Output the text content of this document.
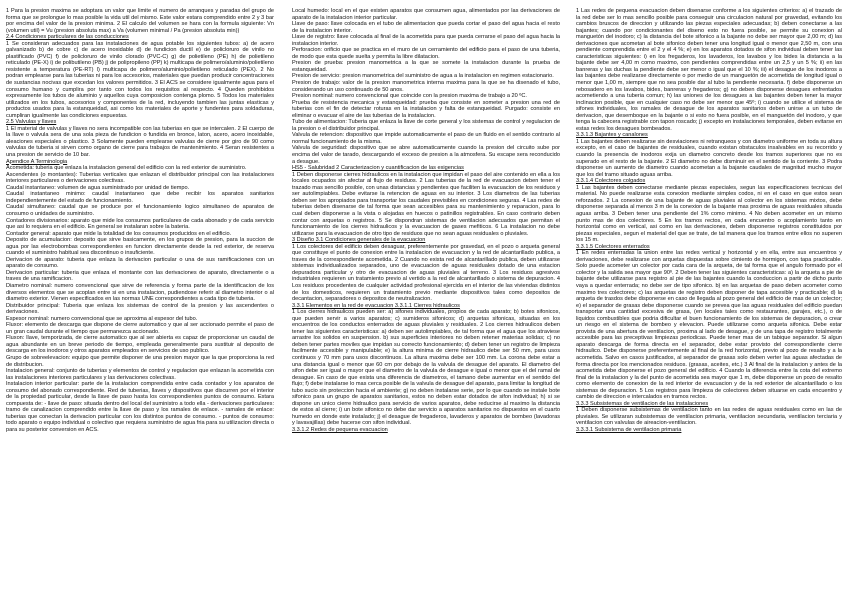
1 Para la presion maxima se adoptara un valor que limite el numero de arranques y paradas del grupo de forma que se prolongue lo mas posible la vida util del mismo. Este valor estara comprendido entre 2 y 3 bar por encima del valor de la presion minima. 2 El calculo del volumen se hara con la formula siguiente: Vn (volumen util) = Vu (presion absoluta max) a Va (volumen minimal / Pa (presion absoluta min))

2.4 Condiciones particulares de las conducciones

1 Se consideran adecuados para las instalaciones de agua potable los siguientes tubos: a) de acero galvanizado b) de cobre c) de acero inoxidable d) de fundicion ductil e) de policloruro de vinilo no plastificado (PVC) f) de policloruro de vinilo clorado (PVC-C) g) de polietileno (PE) h) de polietileno reticulado (PE-X) i) de polibutileno (PB) j) de polipropileno (PP) k) multicapa de polimero/aluminio/polietileno resistente a temperatura (PE-RT) l) multicapa de polimero/aluminio/polietileno reticulado (PEX). 2 No podran emplearse para las tuberias ni para los accesorios, materiales que puedan producir concentraciones de sustancias nocivas que excedan los valores permitidos. 3 El ACS se considere igualmente agua para el consumo humano y cumplira por tanto con todos los requisitos al respecto. 4 Queden prohibidos expresamente los tubos de aluminio y aquellos cuya composicion contenga plomo. 5 Todos los materiales utilizados en los tubos, accesorios y componentes de la red, incluyendo tambien las juntas elasticas y productos usados para la estanqueidad, asi como los materiales de aporte y fundentes para soldaduras, cumpliran igualmente las condiciones expuestas.

2.5 Valvulas y llaves

1 El material de valvulas y llaves no sera incompatible con las tuberias en que se intercalen. 2 El cuerpo de la llave o valvula sera de una sola pieza de fundicion o fundida en bronce, laton, acero, acero inoxidable, aleaciones especiales o plastico. 3 Solamente pueden emplearse valvulas de cierre por giro de 90 como valvulas de tuberia si sirven como organo de cierre para trabajos de mantenimiento. 4 Seran resistentes a una presion de servicio de 10 bar.

Apendice A Terminologia

Acometida: tuberia que enlaza la instalacion general del edificio con la red exterior de suministro.

Ascendentes (o montantes): Tuberias verticales que enlazan el distribuidor principal con las instalaciones interiores particulares o derivaciones colectivas.

Caudal instantaneo: volumen de agua suministrado por unidad de tiempo.

Caudal instantaneo minimo: caudal instantaneo que debe recibir los aparatos sanitarios independientemente del estado de funcionamiento.

Caudal simultaneo: caudal que se produce por el funcionamiento logico simultaneo de aparatos de consumo o unidades de suministro.

Contadores divisionarios: aparato que mide los consumos particulares de cada abonado y de cada servicio que asi lo requiera en el edificio. En general se instalaran sobre la bateria.

Contador general: aparato que mide la totalidad de los consumos producidos en el edificio.

Deposito de acumulacion: deposito que sirve basicamente, en los grupos de presion, para la succion de agua por las electrobombas correspondientes en funcion directamente desde la red exterior, de reserva cuando el suministro habitual sea discontinuo o insuficiente.

Derivacion de aparato: tuberia que enlaza la derivacion particular o una de sus ramificaciones con un aparato de consumo.

Derivacion particular: tuberia que enlaza el montante con las derivaciones de aparato, directamente o a traves de una ramificacion.

Diametro nominal: numero convencional que sirve de referencia y forma parte de la identificacion de los diversos elementos que se acoplan entre si en una instalacion, pudiendose referir al diametro interior o al diametro exterior. Vienen especificados en las normas UNE correspondientes a cada tipo de tuberia.

Distribuidor principal: Tuberia que enlaza los sistemas de control de la presion y las ascendentes o derivaciones.

Espesor nominal: numero convencional que se aproxima al espesor del tubo.

Fluxor: elemento de descarga que dispone de cierre automatico y que al ser accionado permite el paso de un gran caudal durante el tiempo que permanezca accionado.

Fluxon: llave, temporizada, de cierre automatico que al ser abierta es capaz de proporcionar un caudal de agua abundante en un breve periodo de tiempo, empleada generalmente para sustituir al deposito de descarga en los inodoros y otros aparatos empleados en servicios de uso publico.

Grupo de sobreelevacion: equipo que permite disponer de una presion mayor que la que proporciona la red de distribucion.

Instalacion general: conjunto de tuberias y elementos de control y regulacion que enlazan la acometida con las instalaciones interiores particulares y las derivaciones colectivas.

Instalacion interior particular: parte de la instalacion comprendida entre cada contador y los aparatos de consumo del abonado correspondiente. Red de tuberias, llaves y dispositivos que discurren por el interior de la propiedad particular, desde la llave de paso hasta los correspondientes puntos de consumo. Estara compuesta de: - llave de paso: situada dentro del local del suministro a todo ella - derivaciones particulares: tramo de canalizacion comprendido entre la llave de paso y los ramales de enlace. - ramales de enlace: tuberias que conectan la derivacion particular con los distintos puntos de consumo. - puntos de consumo: todo aparato o equipo individual o colectivo que requiera suministro de agua fria para su utilizacion directa o para su posterior conversion en ACS.

Local humedo: local en el que existen aparatos que consumen agua, alimentados por las derivaciones de aparato de la instalacion interior particular.

Llave de paso: llave colocada en el tubo de alimentacion que pueda cortar el paso del agua hacia el resto de la instalacion interior.

Llave de registro: llave colocada al final de la acometida para que pueda cerrarse el paso del agua hacia la instalacion interior.

Perforacion: orificio que se practica en el muro de un cerramiento del edificio para el paso de una tuberia, de modo que esta quede suelta y permita la libre dilatacion.

Presion de prueba: presion manometrica a la que se somete la instalacion durante la prueba de estanqueidad.

Presion de servicio: presion manometrica del suministro de agua a la instalacion en regimen estacionario.

Presion de trabajo: valor de la presion manometrica interna maxima para la que se ha disenado el tubo, considerando un uso continuado de 50 anos.

Presion nominal: numero convencional que coincide con la presion maxima de trabajo a 20 ºC.

Prueba de resistencia mecanica y estanqueidad: prueba que consiste en someter a presion una red de tuberias con el fin de detectar roturas en la instalacion y falta de estanqueidad. Purgado: consiste en eliminar o evacuar el aire de las tuberias de la instalacion.

Tubo de alimentacion: Tuberia que enlaza la llave de corte general y los sistemas de control y regulacion de la presion o el distribuidor principal.

Valvula de retencion: dispositivo que impide automaticamente el paso de un fluido en el sentido contrario al normal funcionamiento de la misma.

Valvula de seguridad: dispositivo que se abre automaticamente cuando la presion del circuito sube por encima del valor de tarado, descargando el exceso de presion a la atmosfera. Su escape sera reconducido a desague.

HS5 - Salubridad 2 Caracterizacion y cuantificacion de las exigencias

1 Deben disponerse cierres hidraulicos en la instalacion que impidan el paso del aire contenido en ella a los locales ocupados sin afectar al flujo de residuos. 2 Las tuberias de la red de evacuacion deben tener el trazado mas sencillo posible, con unas distancias y pendientes que faciliten la evacuacion de los residuos y ser autolimpiables. Debe evitarse la retencion de aguas en su interior. 3 Los diametros de las tuberias deben ser los apropiados para transportar los caudales previsibles en condiciones seguras. 4 Las redes de tuberias deben disenarse de tal forma que sean accesibles para su mantenimiento y reparacion, para lo cual deben disponerse a la vista o alojadas en huecos o patinillos registrables. En caso contrario deben contar con arquetas o registros. 5 Se dispondran sistemas de ventilacion adecuados que permitan el funcionamiento de los cierres hidraulicos y la evacuacion de gases mefiticos. 6 La instalacion no debe utilizarse para la evacuacion de otro tipo de residuos que no sean aguas residuales o pluviales.

3 Diseño 3.1 Condiciones generales de la evacuacion

1 Los colectores del edificio deben desaguar, preferentemente por gravedad, en el pozo o arqueta general que constituye el punto de conexion entre la instalacion de evacuacion y la red de alcantarillado publica, a traves de la correspondiente acometida. 2 Cuando no exista red de alcantarillado publica, deben utilizarse sistemas individualizados separados, uno de evacuacion de aguas residuales dotado de una estacion depuradora particular y otro de evacuacion de aguas pluviales al terreno. 3 Los residuos agresivos industriales requieren un tratamiento previo al vertido a la red de alcantarillado o sistema de depuracion. 4 Los residuos procedentes de cualquier actividad profesional ejercida en el interior de las viviendas distintos de los domesticos, requieren un tratamiento previo mediante dispositivos tales como depositos de decantacion, separadores o depositos de neutralizacion.

3.3.1 Elementos en la red de evacuacion 3.3.1.1 Cierres hidraulicos

1 Los cierres hidraulicos pueden ser: a) sifones individuales, propios de cada aparato; b) botes sifonicos, que pueden servir a varios aparatos; c) sumideros sifonicos; d) arquetas sifonicas, situadas en los encuentros de los conductos enterrados de aguas pluviales y residuales. 2 Los cierres hidraulicos deben tener las siguientes caracteristicas: a) deben ser autolimpiables, de tal forma que el agua que los atraviese arrastre los solidos en suspension. b) sus superficies interiores no deben retener materias solidas; c) no deben tener partes moviles que impidan su correcto funcionamiento; d) deben tener un registro de limpieza facilmente accesible y manipulable; e) la altura minima de cierre hidraulico debe ser 50 mm, para usos continuos y 70 mm para usos discontinuos. La altura maxima debe ser 100 mm. La corona debe estar a una distancia igual o menor que 60 cm por debajo de la valvula de desague del aparato. El diametro del sifon debe ser igual o mayor que el diametro de la valvula de desague e igual o menor que el del ramal de desague. En caso de que exista una diferencia de diametros, el tamano debe aumentar en el sentido del flujo; f) debe instalarse lo mas cerca posible de la valvula de desague del aparato, para limitar la longitud de tubo sucio sin proteccion hacia el ambiente; g) no deben instalarse serie, por lo que cuando se instale bote sifonico para un grupo de aparatos sanitarios, estos no deben estar dotados de sifon individual; h) si se dispone un unico cierre hidraulico para servicio de varios aparatos, debe reducirse al maximo la distancia de estos al cierre; i) un bote sifonico no debe dar servicio a aparatos sanitarios no dispuestos en el cuarto humedo en donde este instalado; j) el desague de fregaderos, lavaderos y aparatos de bombeo (lavadoras y lavavajillas) debe hacerse con sifon individual.

3.3.1.2 Redes de pequena evacuacion

1 Las redes de pequena evacuacion deben disenarse conforme a los siguientes criterios: a) el trazado de la red debe ser lo mas sencillo posible para conseguir una circulacion natural por gravedad, evitando los cambios bruscos de direccion y utilizando las piezas especiales adecuadas; b) deben conectarse a las bajantes; cuando por condicionantes del diseno esto no fuera posible, se permite su conexion al manguetón del inodoro; c) la distancia del bote sifonico a la bajante no debe ser mayor que 2,00 m; d) las derivaciones que acometan al bote sifonico deben tener una longitud igual o menor que 2,50 m, con una pendiente comprendida entre el 2 y el 4 %; e) en los aparatos dotados de sifon individual deben tener las caracteristicas siguientes: i) en los fregaderos, los lavaderos, los lavabos y los bides la distancia a la bajante debe ser 4,00 m como maximo, con pendientes comprendidas entre un 2,5 y un 5 %; ii) en las banreras y las duchas la pendiente debe ser menor o igual que el 10 %; iii) el desague de los inodoros a las bajantes debe realizarse directamente o por medio de un manguetón de acometida de longitud igual o menor que 1,00 m, siempre que no sea posible dar al tubo la pendiente necesaria. f) debe disponerse un rebosadero en los lavabos, bides, banreras y fregaderos; g) no deben disponerse desagues enfrentados acometiendo a una tuberia comun; h) las uniones de los desagues a las bajantes deben tener la mayor inclinacion posible, que en cualquier caso no debe ser menor que 45º; i) cuando se utilice el sistema de sifones individuales, los ramales de desague de los aparatos sanitarios deben unirse a un tubo de derivacion, que desemboque en la bajante o si esto no fuera posible, en el manguetón del inodoro, y que tenga la cabecera registrable con tapon roscado; j) excepto en instalaciones temporales, deben evitarse en estas redes los desagues bombeados.

3.3.1.3 Bajantes y canalones

1 Las bajantes deben realizarse sin desviaciones ni retranqueos y con diametro uniforme en toda su altura excepto, en el caso de bajantes de residuales, cuando existan obstaculos insalvables en su recorrido y cuando la presencia de inodoros exija un diametro concreto desde los tramos superiores que no es superado en el resto de la bajante. 2 El diametro no debe disminuir en el sentido de la corriente. 3 Podra disponerse un aumento de diametro cuando acometan a la bajante caudales de magnitud mucho mayor que los del tramo situado aguas arriba.

3.3.1.4 Colectores colgados

1 Las bajantes deben conectarse mediante piezas especiales, segun las especificaciones tecnicas del material. No puede realizarse esta conexion mediante simples codos, ni en el caso en que estos sean reforzados. 2 La conexion de una bajante de aguas pluviales al colector en los sistemas mixtos, debe disponerse separada al menos 3 m de la conexion de la bajante mas proxima de aguas residuales situada aguas arriba. 3 Deben tener una pendiente del 1% como minimo. 4 No deben acometer en un mismo punto mas de dos colectores. 5 En los tramos rectos, en cada encuentro o acoplamiento tanto en horizontal como en vertical, asi como en las derivaciones, deben disponerse registros constituidos por piezas especiales, segun el material del que se trate, de tal manera que los tramos entre ellos no superen los 15 m.

3.3.1.5 Colectores enterrados

1 En redes enterradas la union entre las redes vertical y horizontal y en ella, entre sus encuentros y derivaciones, debe realizarse con arquetas dispuestas sobre cimiento de hormigon, con tapa practicable. Solo puede acometer un colector por cada cara de la arqueta, de tal forma que el angulo formado por el colector y la salida sea mayor que 90º. 2 Deben tener las siguientes caracteristicas: a) la arqueta a pie de bajante debe utilizarse para registro al pie de las bajantes cuando la conduccion a partir de dicho punto vaya a quedar enterrada; no debe ser de tipo sifonico. b) en las arquetas de paso deben acometer como maximo tres colectores; c) las arquetas de registro deben disponer de tapa accesible y practicable; d) la arqueta de trasdos debe disponerse en caso de llegada al pozo general del edificio de mas de un colector; e) el separador de grasas debe disponerse cuando se prevea que las aguas residuales del edificio puedan transportar una cantidad excesiva de grasa, (en locales tales como restaurantes, garajes, etc.), o de liquidos combustibles que podria dificultar el buen funcionamiento de los sistemas de depuracion, o crear un riesgo en el sistema de bombeo y elevacion. Puede utilizarse como arqueta sifonica. Debe estar provista de una abertura de ventilacion, proxima al lado de desague, y de una tapa de registro totalmente accesible para las preceptivas limpiezas periodicas. Puede tener mas de un tabique separador. Si algun aparato descarga de forma directa en el separador, debe estar provisto del correspondiente cierre hidraulico. Debe disponerse preferentemente al final de la red horizontal, previo al pozo de resalto y a la acometida. Salvo en casos justificados, al separador de grasas solo deben verter las aguas afectadas de forma directa por los mencionados residuos. (grasas, aceites, etc.) 3 Al final de la instalacion y antes de la acometida debe disponerse el pozo general del edificio. 4 Cuando la diferencia entre la cota del extremo final de la instalacion y la del punto de acometida sea mayor que 1 m, debe disponerse un pozo de resalto como elemento de conexion de la red interior de evacuacion y de la red exterior de alcantarillado o los sistemas de depuracion. 5 Los registros para limpieza de colectores deben situarse en cada encuentro y cambio de direccion e intercalados en tramos rectos.

3.3.3 Subsistemas de ventilacion de las instalaciones

1 Deben disponerse subsistemas de ventilacion tanto en las redes de aguas residuales como en las de pluviales. Se utilizaran subsistemas de ventilacion primaria, ventilacion secundaria, ventilacion terciaria y ventilacion con valvulas de aireacion-ventilacion.

3.3.3.1 Subsistema de ventilacion primaria
